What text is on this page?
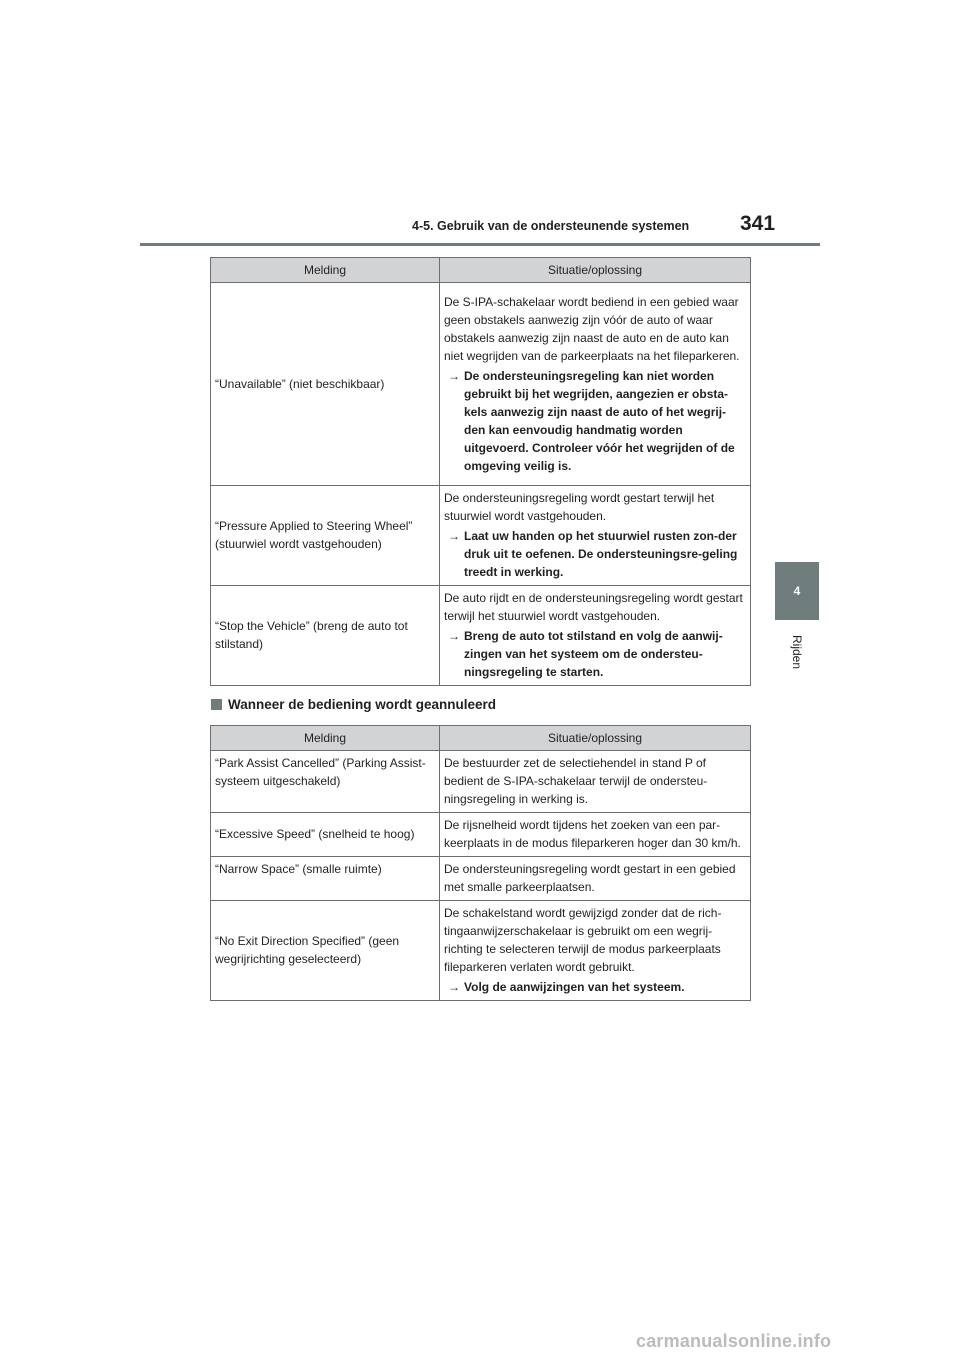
4-5. Gebruik van de ondersteunende systemen 341
4
Rijden
Melding	Situatie/oplossing
“Unavailable” (niet beschikbaar)	De S-IPA-schakelaar wordt bediend in een gebied waar geen obstakels aanwezig zijn vóór de auto of waar obstakels aanwezig zijn naast de auto en de auto kan niet wegrijden van de parkeerplaats na het fileparkeren.

→ De ondersteuningsregeling kan niet worden gebruikt bij het wegrijden, aangezien er obsta-kels aanwezig zijn naast de auto of het wegrij-den kan eenvoudig handmatig worden uitgevoerd. Controleer vóór het wegrijden of de omgeving veilig is.

“Pressure Applied to Steering Wheel” (stuurwiel wordt vastgehouden)	De ondersteuningsregeling wordt gestart terwijl het stuurwiel wordt vastgehouden.

→ Laat uw handen op het stuurwiel rusten zon-der druk uit te oefenen. De ondersteuningsre-geling treedt in werking.

“Stop the Vehicle” (breng de auto tot stilstand)	De auto rijdt en de ondersteuningsregeling wordt gestart terwijl het stuurwiel wordt vastgehouden.

→ Breng de auto tot stilstand en volg de aanwij-zingen van het systeem om de ondersteu-ningsregeling te starten.
Wanneer de bediening wordt geannuleerd
Melding	Situatie/oplossing
“Park Assist Cancelled” (Parking Assist-systeem uitgeschakeld)	De bestuurder zet de selectiehendel in stand P of bedient de S-IPA-schakelaar terwijl de ondersteu-ningsregeling in werking is.
“Excessive Speed” (snelheid te hoog)	De rijsnelheid wordt tijdens het zoeken van een par-keerplaats in de modus fileparkeren hoger dan 30 km/h.
“Narrow Space” (smalle ruimte)	De ondersteuningsregeling wordt gestart in een gebied met smalle parkeerplaatsen.
“No Exit Direction Specified” (geen wegrijrichting geselecteerd)	De schakelstand wordt gewijzigd zonder dat de rich-tingaanwijzerschakelaar is gebruikt om een wegrij-richting te selecteren terwijl de modus parkeerplaats fileparkeren verlaten wordt gebruikt.

→ Volg de aanwijzingen van het systeem.
carmanualsonline.info
